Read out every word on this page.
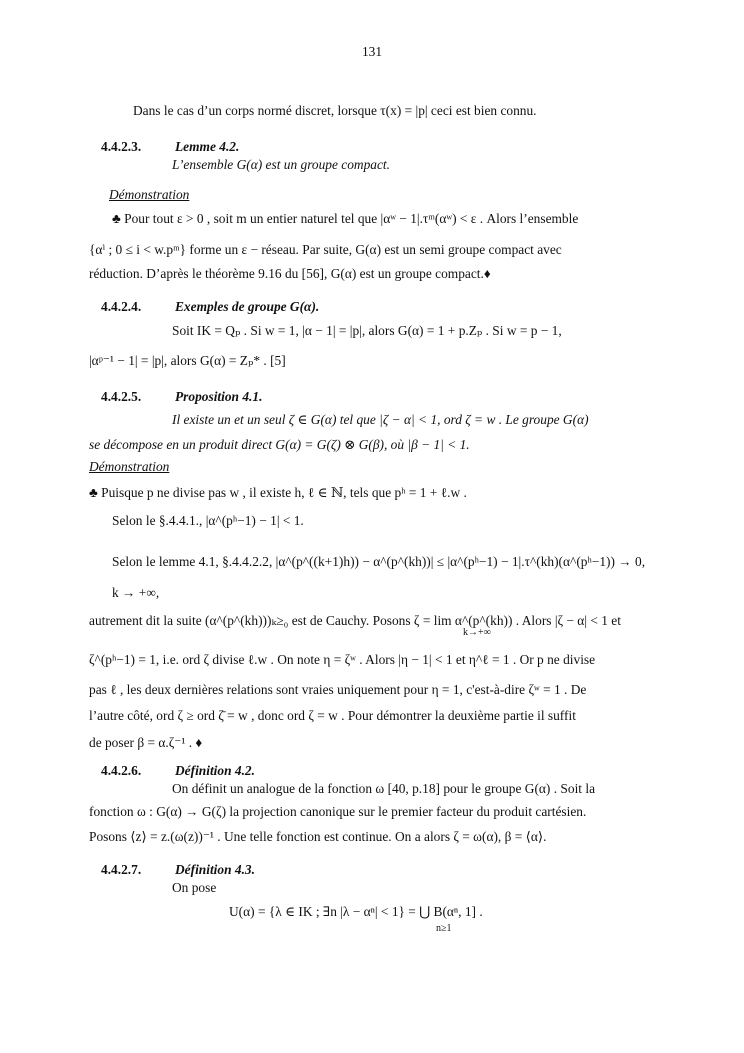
131
Dans le cas d’un corps normé discret, lorsque τ(x) = |p| ceci est bien connu.
4.4.2.3.	Lemme 4.2.
L’ensemble G(α) est un groupe compact.
Démonstration
♣ Pour tout ε > 0 , soit m un entier naturel tel que |αʷ − 1|.τᵐ(αʷ) < ε . Alors l’ensemble
{αⁱ ; 0 ≤ i < w.pᵐ} forme un ε − réseau. Par suite, G(α) est un semi groupe compact avec
réduction. D’après le théorème 9.16 du [56], G(α) est un groupe compact.♦
4.4.2.4.	Exemples de groupe G(α).
Soit IK = Qₚ . Si w = 1, |α − 1| = |p|, alors G(α) = 1 + p.Zₚ . Si w = p − 1,
|αᵖ⁻¹ − 1| = |p|, alors G(α) = Zₚ* . [5]
4.4.2.5.	Proposition 4.1.
Il existe un et un seul ζ ∈ G(α) tel que |ζ − α| < 1, ord ζ = w . Le groupe G(α)
se décompose en un produit direct G(α) = G(ζ) ⊗ G(β), où |β − 1| < 1.
Démonstration
♣ Puisque p ne divise pas w , il existe h, ℓ ∈ ℕ, tels que pʰ = 1 + ℓ.w .
Selon le §.4.4.1., |α^(pʰ−1) − 1| < 1.
Selon le lemme 4.1, §.4.4.2.2, |α^(p^((k+1)h)) − α^(p^(kh))| ≤ |α^(pʰ−1) − 1|.τ^(kh)(α^(pʰ−1)) → 0,
k → +∞,
autrement dit la suite (α^(p^(kh)))ₖ≥₀ est de Cauchy. Posons ζ = lim α^(p^(kh)) . Alors |ζ − α| < 1 et
k→+∞
ζ^(pʰ−1) = 1, i.e. ord ζ divise ℓ.w . On note η = ζʷ . Alors |η − 1| < 1 et η^ℓ = 1 . Or p ne divise
pas ℓ , les deux dernières relations sont vraies uniquement pour η = 1, c'est-à-dire ζʷ = 1 . De
l’autre côté, ord ζ ≥ ord ζ̄ = w , donc ord ζ = w . Pour démontrer la deuxième partie il suffit
de poser β = α.ζ⁻¹ . ♦
4.4.2.6.	Définition 4.2.
On définit un analogue de la fonction ω [40, p.18] pour le groupe G(α) . Soit la
fonction ω : G(α) → G(ζ) la projection canonique sur le premier facteur du produit cartésien.
Posons ⟨z⟩ = z.(ω(z))⁻¹ . Une telle fonction est continue. On a alors ζ = ω(α), β = ⟨α⟩.
4.4.2.7.	Définition 4.3.
On pose
U(α) = {λ ∈ IK ; ∃n |λ − αⁿ| < 1} = ⋃ B(αⁿ, 1] .
n≥1
